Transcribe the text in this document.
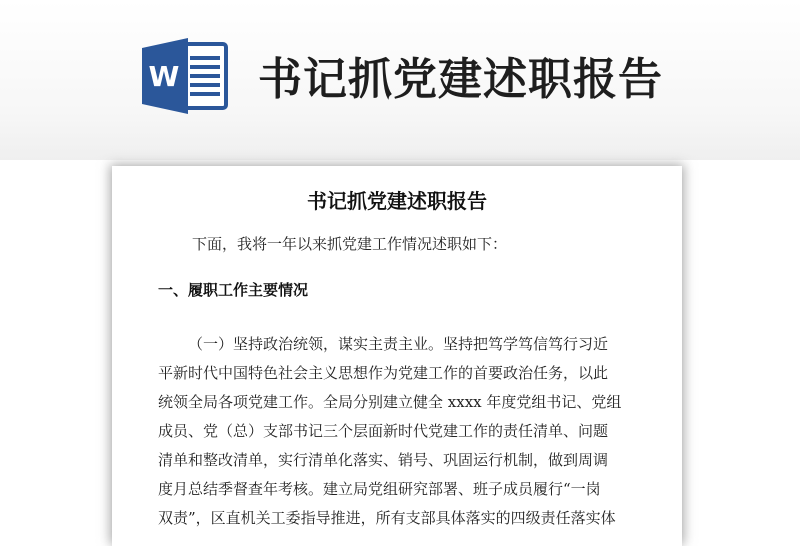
W 书记抓党建述职报告
书记抓党建述职报告
下面，我将一年以来抓党建工作情况述职如下：
一、履职工作主要情况
（一）坚持政治统领，谋实主责主业。坚持把笃学笃信笃行习近
平新时代中国特色社会主义思想作为党建工作的首要政治任务，以此
统领全局各项党建工作。全局分别建立健全 xxxx 年度党组书记、党组
成员、党（总）支部书记三个层面新时代党建工作的责任清单、问题
清单和整改清单，实行清单化落实、销号、巩固运行机制，做到周调
度月总结季督查年考核。建立局党组研究部署、班子成员履行“一岗
双责”，区直机关工委指导推进，所有支部具体落实的四级责任落实体
